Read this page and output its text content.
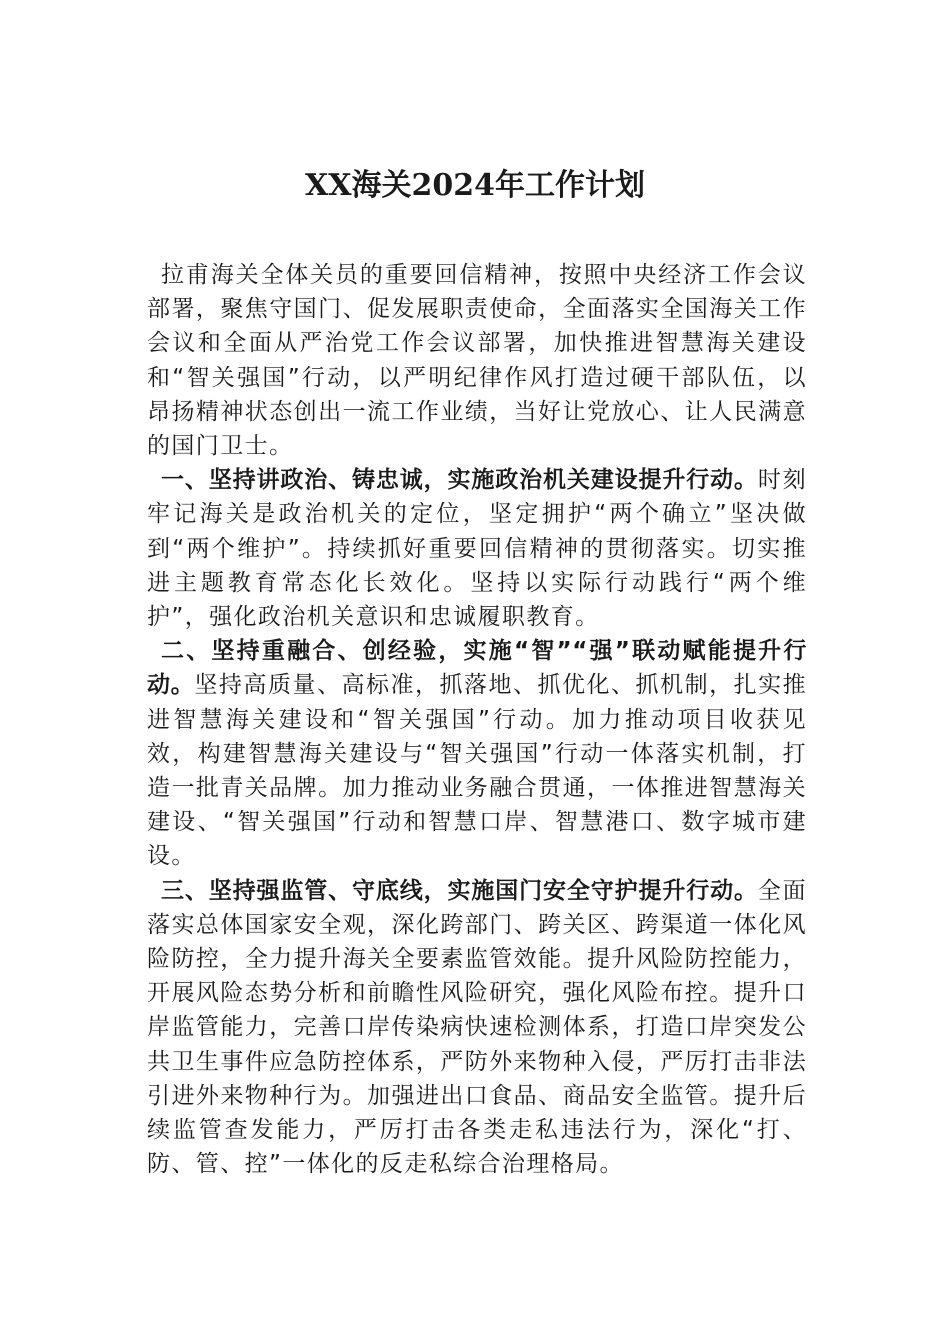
XX海关2024年工作计划

拉甫海关全体关员的重要回信精神，按照中央经济工作会议部署，聚焦守国门、促发展职责使命，全面落实全国海关工作会议和全面从严治党工作会议部署，加快推进智慧海关建设和“智关强国”行动，以严明纪律作风打造过硬干部队伍，以昂扬精神状态创出一流工作业绩，当好让党放心、让人民满意的国门卫士。

一、坚持讲政治、铸忠诚，实施政治机关建设提升行动。时刻牢记海关是政治机关的定位，坚定拥护“两个确立”坚决做到“两个维护”。持续抓好重要回信精神的贯彻落实。切实推进主题教育常态化长效化。坚持以实际行动践行“两个维护”，强化政治机关意识和忠诚履职教育。

二、坚持重融合、创经验，实施“智”“强”联动赋能提升行动。坚持高质量、高标准，抓落地、抓优化、抓机制，扎实推进智慧海关建设和“智关强国”行动。加力推动项目收获见效，构建智慧海关建设与“智关强国”行动一体落实机制，打造一批青关品牌。加力推动业务融合贯通，一体推进智慧海关建设、“智关强国”行动和智慧口岸、智慧港口、数字城市建设。

三、坚持强监管、守底线，实施国门安全守护提升行动。全面落实总体国家安全观，深化跨部门、跨关区、跨渠道一体化风险防控，全力提升海关全要素监管效能。提升风险防控能力，开展风险态势分析和前瞻性风险研究，强化风险布控。提升口岸监管能力，完善口岸传染病快速检测体系，打造口岸突发公共卫生事件应急防控体系，严防外来物种入侵，严厉打击非法引进外来物种行为。加强进出口食品、商品安全监管。提升后续监管查发能力，严厉打击各类走私违法行为，深化“打、防、管、控”一体化的反走私综合治理格局。
